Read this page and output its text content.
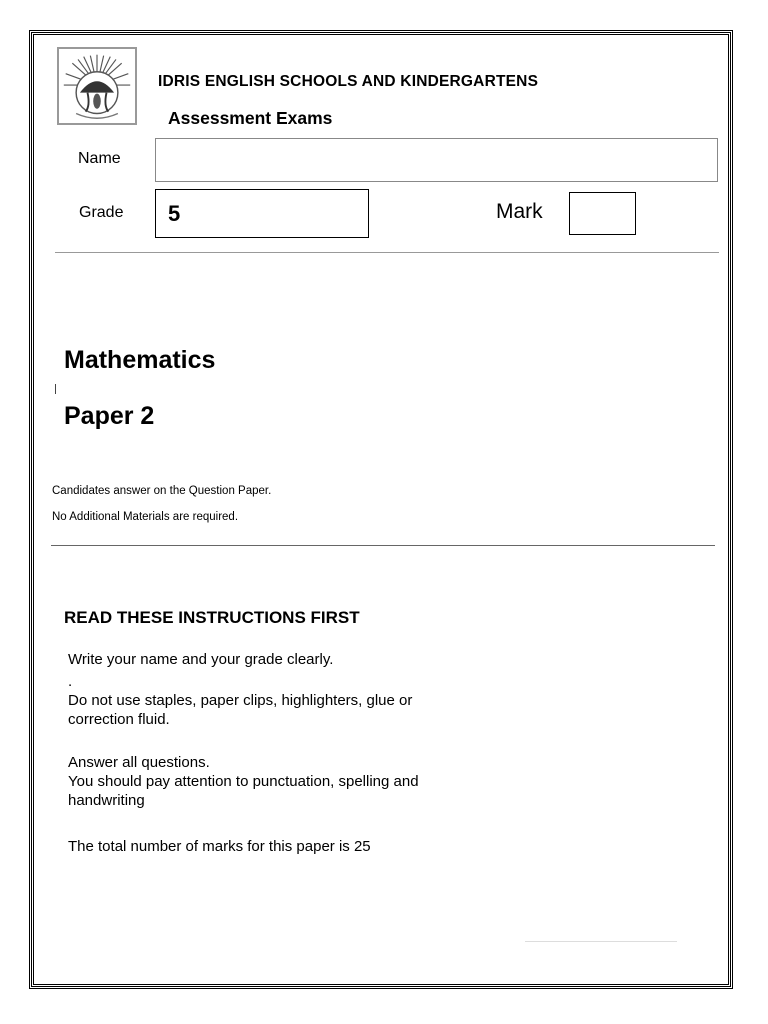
IDRIS ENGLISH SCHOOLS AND KINDERGARTENS
Assessment Exams
Name
Grade 5	Mark
Mathematics
Paper 2
Candidates answer on the Question Paper.
No Additional Materials are required.
READ THESE INSTRUCTIONS FIRST
Write your name and your grade clearly.
.
Do not use staples, paper clips, highlighters, glue or
correction fluid.
Answer all questions.
You should pay attention to punctuation, spelling and
handwriting
The total number of marks for this paper is 25
